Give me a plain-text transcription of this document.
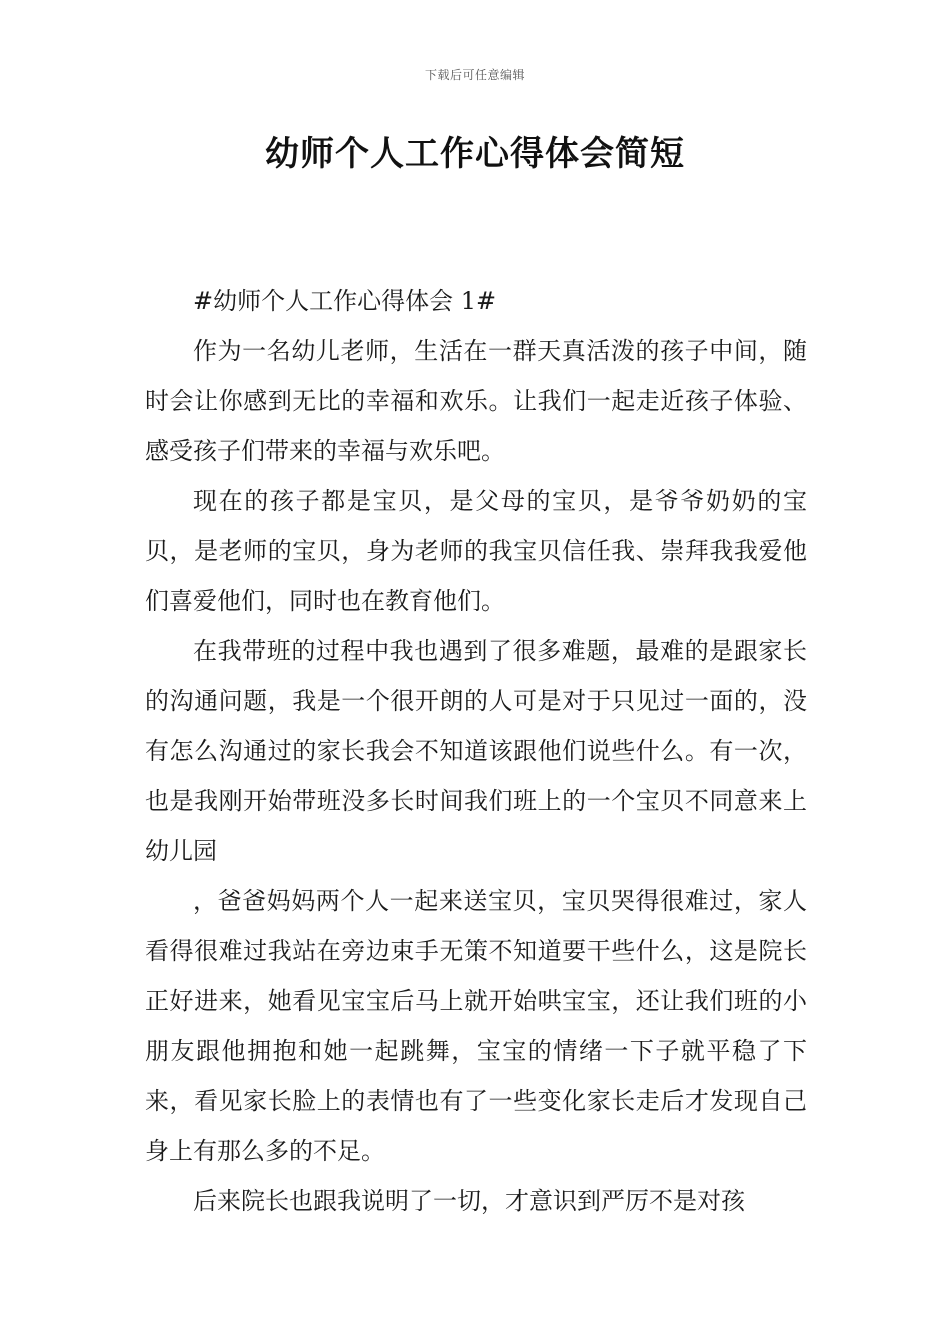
下载后可任意编辑
幼师个人工作心得体会简短

#幼师个人工作心得体会 1#

作为一名幼儿老师，生活在一群天真活泼的孩子中间，随时会让你感到无比的幸福和欢乐。让我们一起走近孩子体验、感受孩子们带来的幸福与欢乐吧。

现在的孩子都是宝贝，是父母的宝贝，是爷爷奶奶的宝贝，是老师的宝贝，身为老师的我宝贝信任我、崇拜我我爱他们喜爱他们，同时也在教育他们。

在我带班的过程中我也遇到了很多难题，最难的是跟家长的沟通问题，我是一个很开朗的人可是对于只见过一面的，没有怎么沟通过的家长我会不知道该跟他们说些什么。有一次，也是我刚开始带班没多长时间我们班上的一个宝贝不同意来上幼儿园

，爸爸妈妈两个人一起来送宝贝，宝贝哭得很难过，家人看得很难过我站在旁边束手无策不知道要干些什么，这是院长正好进来，她看见宝宝后马上就开始哄宝宝，还让我们班的小朋友跟他拥抱和她一起跳舞，宝宝的情绪一下子就平稳了下来，看见家长脸上的表情也有了一些变化家长走后才发现自己身上有那么多的不足。

后来院长也跟我说明了一切，才意识到严厉不是对孩
